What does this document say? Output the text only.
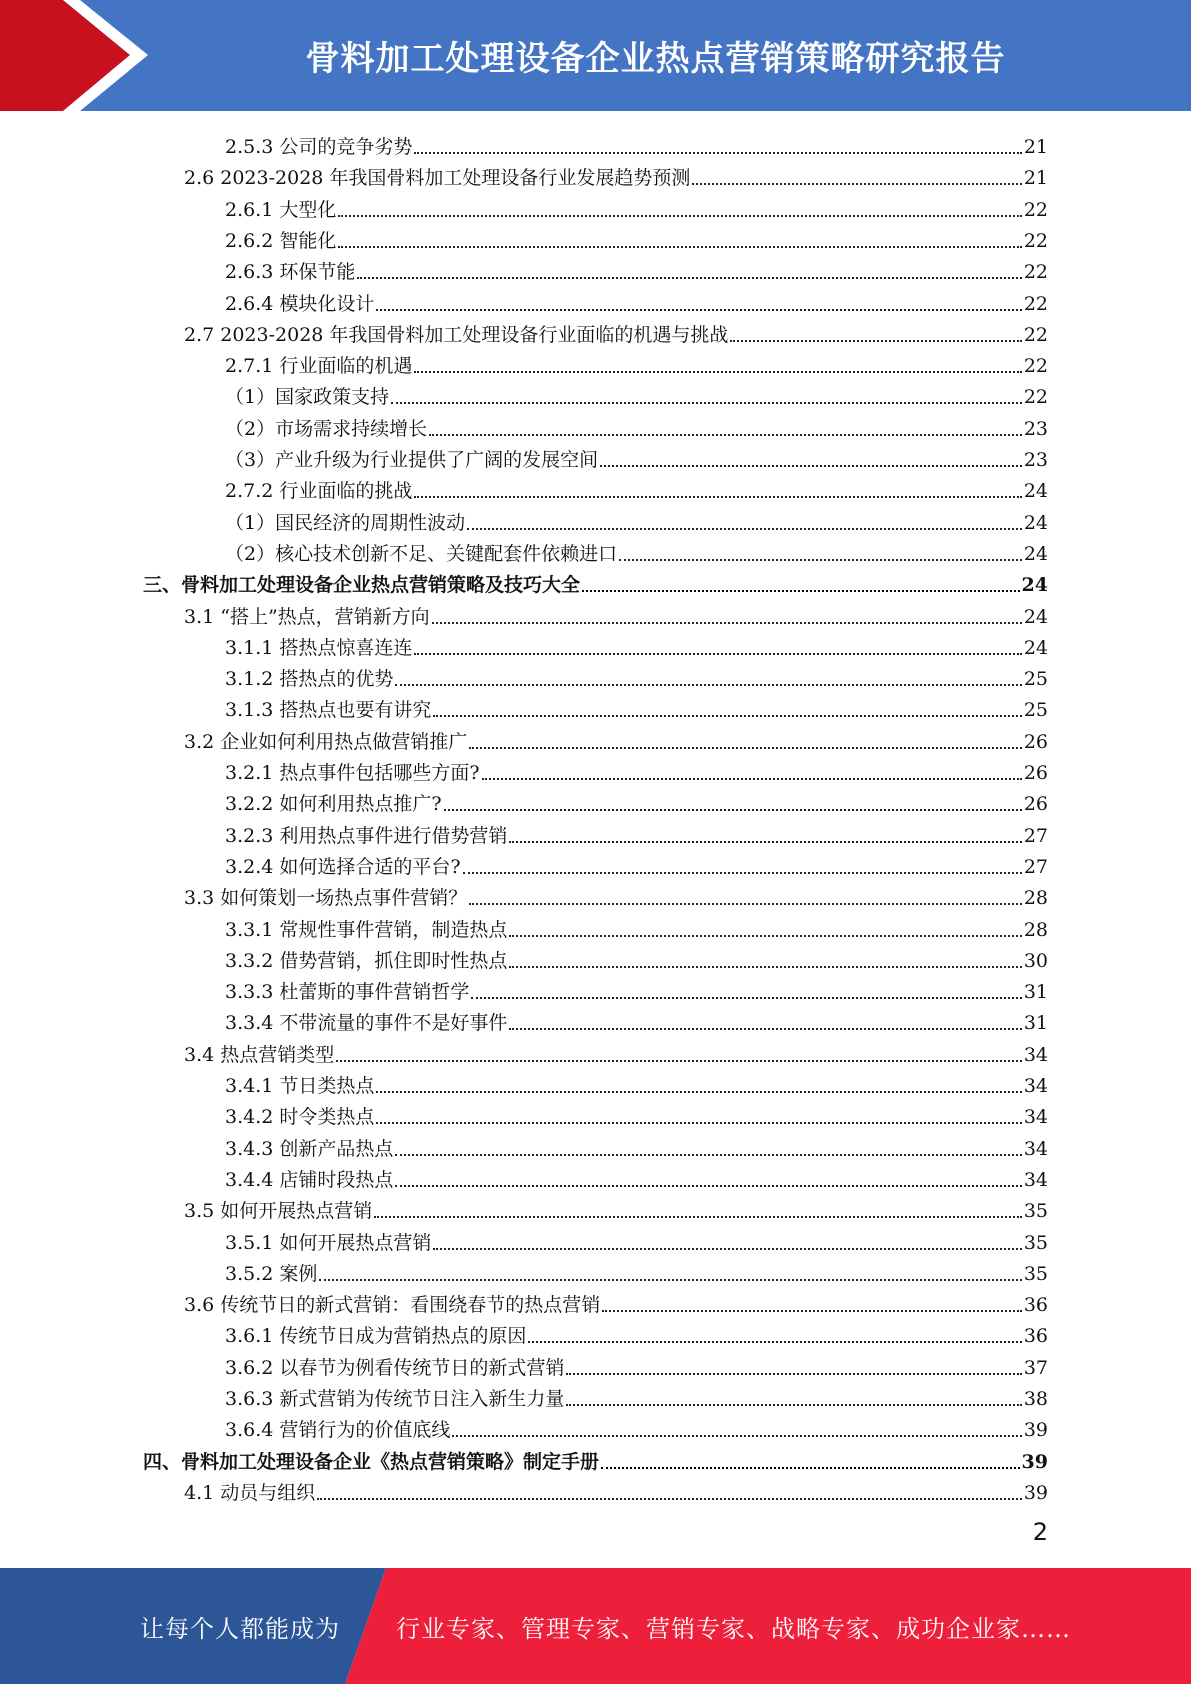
骨料加工处理设备企业热点营销策略研究报告
2.5.3 公司的竞争劣势	21
2.6 2023-2028 年我国骨料加工处理设备行业发展趋势预测	21
2.6.1 大型化	22
2.6.2 智能化	22
2.6.3 环保节能	22
2.6.4 模块化设计	22
2.7 2023-2028 年我国骨料加工处理设备行业面临的机遇与挑战	22
2.7.1 行业面临的机遇	22
（1）国家政策支持	22
（2）市场需求持续增长	23
（3）产业升级为行业提供了广阔的发展空间	23
2.7.2 行业面临的挑战	24
（1）国民经济的周期性波动	24
（2）核心技术创新不足、关键配套件依赖进口	24
三、骨料加工处理设备企业热点营销策略及技巧大全	24
3.1 “搭上”热点，营销新方向	24
3.1.1 搭热点惊喜连连	24
3.1.2 搭热点的优势	25
3.1.3 搭热点也要有讲究	25
3.2 企业如何利用热点做营销推广	26
3.2.1 热点事件包括哪些方面?	26
3.2.2 如何利用热点推广?	26
3.2.3 利用热点事件进行借势营销	27
3.2.4 如何选择合适的平台?	27
3.3 如何策划一场热点事件营销？	28
3.3.1 常规性事件营销，制造热点	28
3.3.2 借势营销，抓住即时性热点	30
3.3.3 杜蕾斯的事件营销哲学	31
3.3.4 不带流量的事件不是好事件	31
3.4 热点营销类型	34
3.4.1 节日类热点	34
3.4.2 时令类热点	34
3.4.3 创新产品热点	34
3.4.4 店铺时段热点	34
3.5 如何开展热点营销	35
3.5.1 如何开展热点营销	35
3.5.2 案例	35
3.6 传统节日的新式营销：看围绕春节的热点营销	36
3.6.1 传统节日成为营销热点的原因	36
3.6.2 以春节为例看传统节日的新式营销	37
3.6.3 新式营销为传统节日注入新生力量	38
3.6.4 营销行为的价值底线	39
四、骨料加工处理设备企业《热点营销策略》制定手册	39
4.1 动员与组织	39
2
让每个人都能成为 行业专家、管理专家、营销专家、战略专家、成功企业家……
